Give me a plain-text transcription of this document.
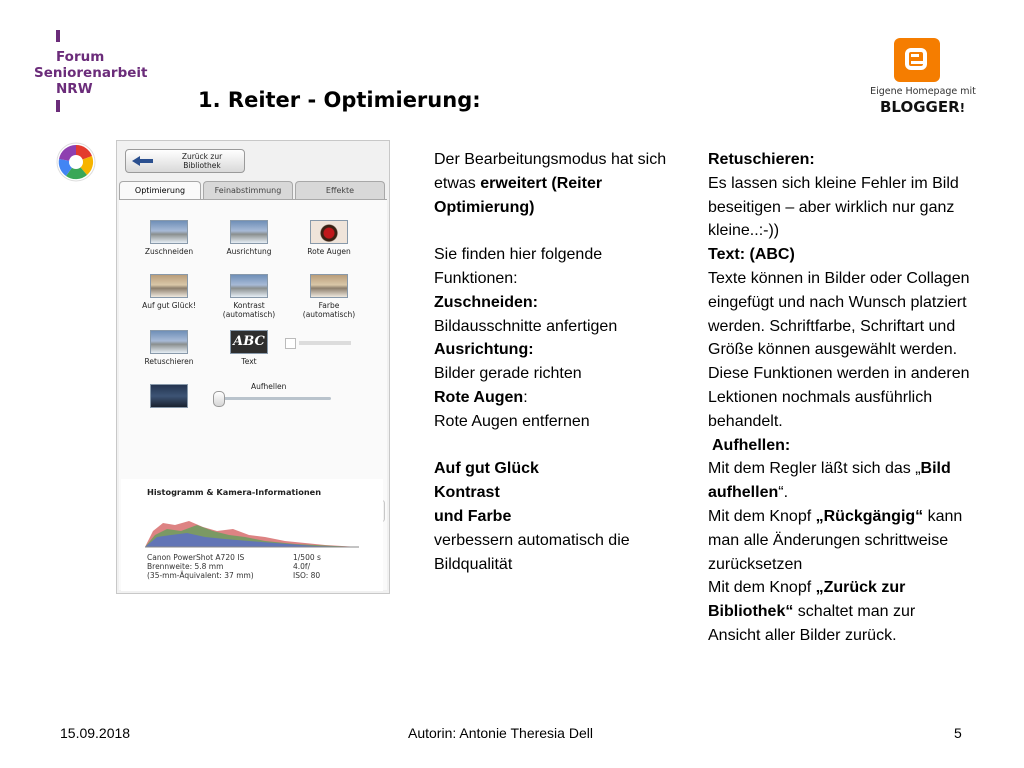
Forum
Seniorenarbeit
NRW	1. Reiter - Optimierung:	Eigene Homepage mit
BLOGGER!
Zurück zur Bibliothek
Optimierung	Feinabstimmung	Effekte
Zuschneiden	Ausrichtung	Rote Augen
Auf gut Glück!	Kontrast (automatisch)
Farbe (automatisch)
Retuschieren
ABC
Text
Aufhellen
Histogramm & Kamera-Informationen
Canon PowerShot A720 IS
Brennweite: 5.8 mm
(35-mm-Äquivalent: 37 mm)
1/500 s
4.0f/
ISO: 80

Der Bearbeitungsmodus hat sich etwas erweitert (Reiter Optimierung)

Sie finden hier folgende Funktionen:

Zuschneiden:

Bildausschnitte anfertigen

Ausrichtung:

Bilder gerade richten

Rote Augen:

Rote Augen entfernen

Auf gut Glück

Kontrast

und Farbe

verbessern automatisch die Bildqualität

Retuschieren:

Es lassen sich kleine Fehler im Bild beseitigen – aber wirklich nur ganz kleine..:-))

Text: (ABC)

Texte können in Bilder oder Collagen eingefügt und nach Wunsch platziert werden. Schriftfarbe, Schriftart und Größe können ausgewählt werden.

Diese Funktionen werden in anderen Lektionen nochmals ausführlich behandelt.

Aufhellen:

Mit dem Regler läßt sich das „Bild aufhellen“.

Mit dem Knopf „Rückgängig“ kann man alle Änderungen schrittweise zurücksetzen

Mit dem Knopf „Zurück zur Bibliothek“ schaltet man zur Ansicht aller Bilder zurück.

15.09.2018	Autorin: Antonie Theresia Dell	5
